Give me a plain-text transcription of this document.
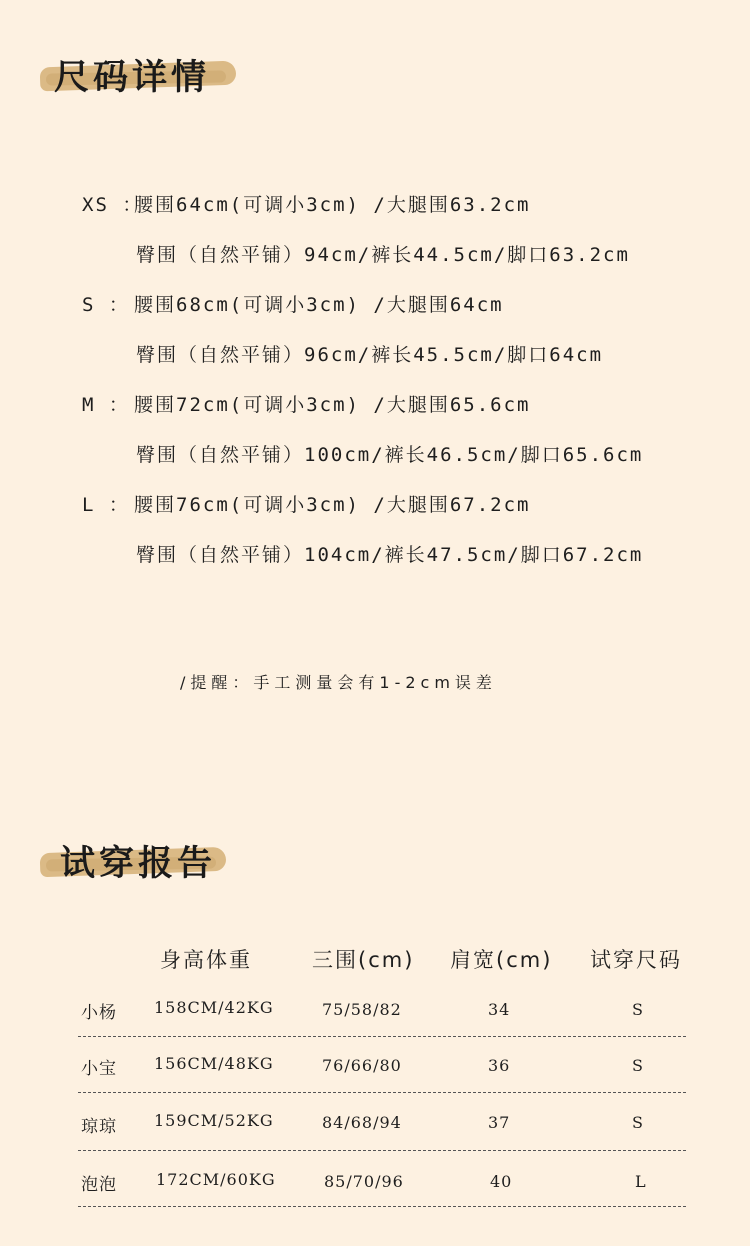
尺码详情
XS ：腰围64cm(可调小3cm) /大腿围63.2cm
臀围（自然平铺）94cm/裤长44.5cm/脚口63.2cm
S ： 腰围68cm(可调小3cm) /大腿围64cm
臀围（自然平铺）96cm/裤长45.5cm/脚口64cm
M ： 腰围72cm(可调小3cm) /大腿围65.6cm
臀围（自然平铺）100cm/裤长46.5cm/脚口65.6cm
L ： 腰围76cm(可调小3cm) /大腿围67.2cm
臀围（自然平铺）104cm/裤长47.5cm/脚口67.2cm
/提醒：手工测量会有1-2cm误差
试穿报告
身高体重	三围(cm) 肩宽(cm) 试穿尺码
小杨 158CM/42KG	75/58/82	34	S
小宝 156CM/48KG	76/66/80	36	S
琼琼 159CM/52KG	84/68/94	37	S
泡泡 172CM/60KG	85/70/96	40	L
